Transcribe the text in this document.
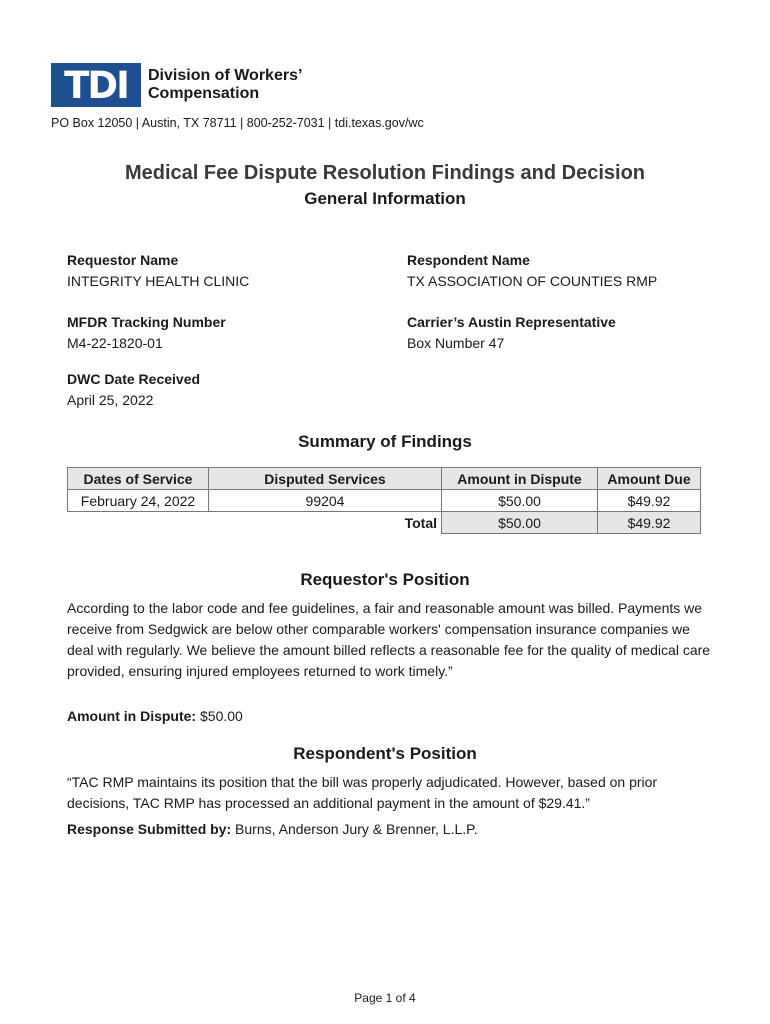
TDI	Division of Workers’
Compensation
PO Box 12050 | Austin, TX 78711 | 800-252-7031 | tdi.texas.gov/wc
Medical Fee Dispute Resolution Findings and Decision
General Information
Requestor Name
INTEGRITY HEALTH CLINIC
Respondent Name
TX ASSOCIATION OF COUNTIES RMP
MFDR Tracking Number
M4-22-1820-01
Carrier’s Austin Representative
Box Number 47
DWC Date Received
April 25, 2022
Summary of Findings
Dates of Service	Disputed Services	Amount in Dispute	Amount Due
February 24, 2022	99204	$50.00	$49.92
	Total	$50.00	$49.92
Requestor's Position
According to the labor code and fee guidelines, a fair and reasonable amount was billed. Payments we receive from Sedgwick are below other comparable workers' compensation insurance companies we deal with regularly. We believe the amount billed reflects a reasonable fee for the quality of medical care provided, ensuring injured employees returned to work timely.”
Amount in Dispute: $50.00
Respondent's Position
“TAC RMP maintains its position that the bill was properly adjudicated. However, based on prior decisions, TAC RMP has processed an additional payment in the amount of $29.41.”
Response Submitted by: Burns, Anderson Jury & Brenner, L.L.P.
Page 1 of 4
